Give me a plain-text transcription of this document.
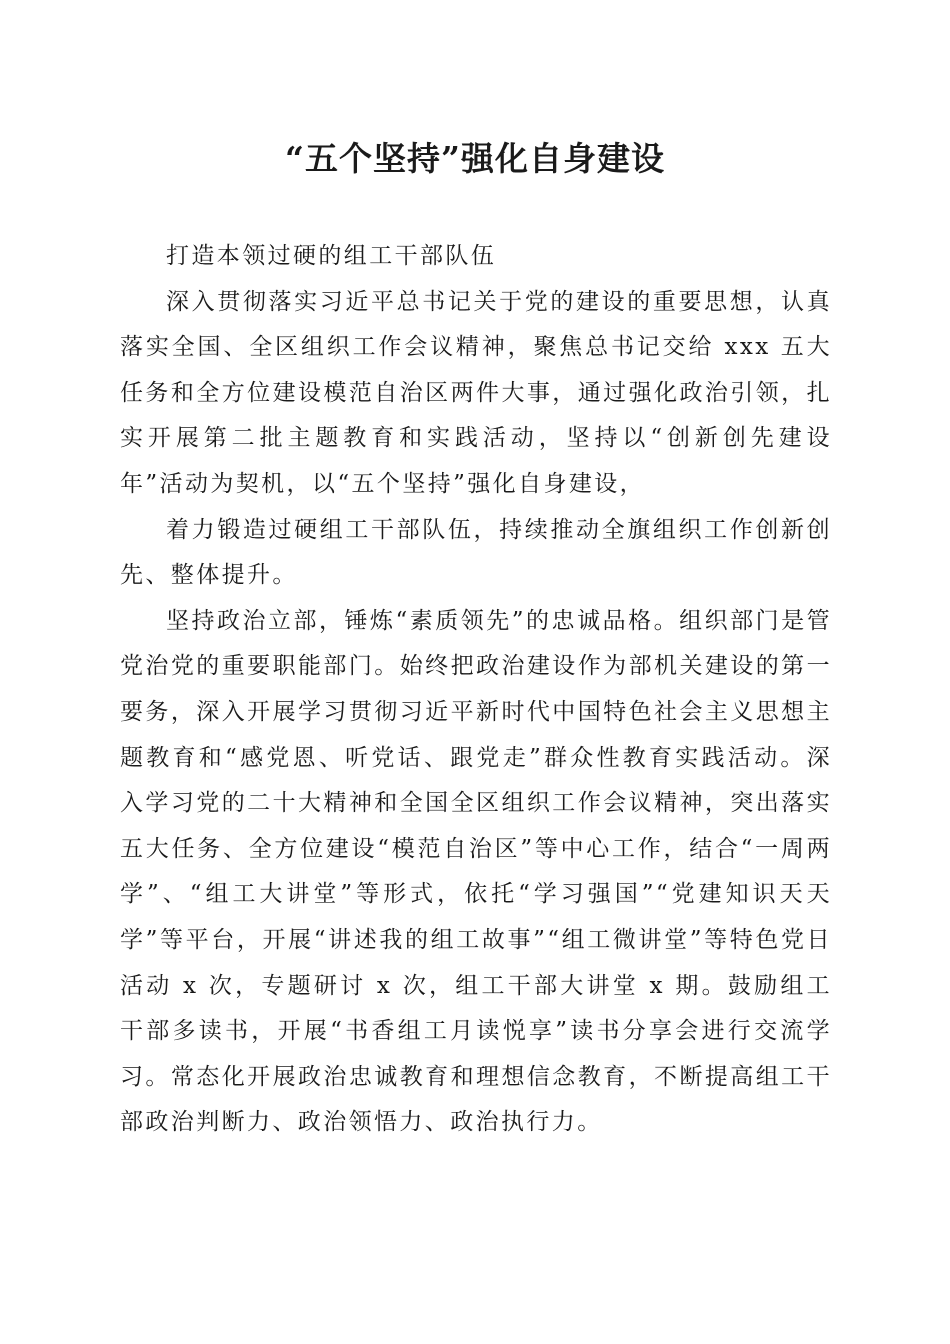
“五个坚持”强化自身建设

打造本领过硬的组工干部队伍

深入贯彻落实习近平总书记关于党的建设的重要思想，认真落实全国、全区组织工作会议精神，聚焦总书记交给 xxx 五大任务和全方位建设模范自治区两件大事，通过强化政治引领，扎实开展第二批主题教育和实践活动，坚持以“创新创先建设年”活动为契机，以“五个坚持”强化自身建设，

着力锻造过硬组工干部队伍，持续推动全旗组织工作创新创先、整体提升。

坚持政治立部，锤炼“素质领先”的忠诚品格。组织部门是管党治党的重要职能部门。始终把政治建设作为部机关建设的第一要务，深入开展学习贯彻习近平新时代中国特色社会主义思想主题教育和“感党恩、听党话、跟党走”群众性教育实践活动。深入学习党的二十大精神和全国全区组织工作会议精神，突出落实五大任务、全方位建设“模范自治区”等中心工作，结合“一周两学”、“组工大讲堂”等形式，依托“学习强国”“党建知识天天学”等平台，开展“讲述我的组工故事”“组工微讲堂”等特色党日活动 x 次，专题研讨 x 次，组工干部大讲堂 x 期。鼓励组工干部多读书，开展“书香组工月读悦享”读书分享会进行交流学习。常态化开展政治忠诚教育和理想信念教育，不断提高组工干部政治判断力、政治领悟力、政治执行力。
